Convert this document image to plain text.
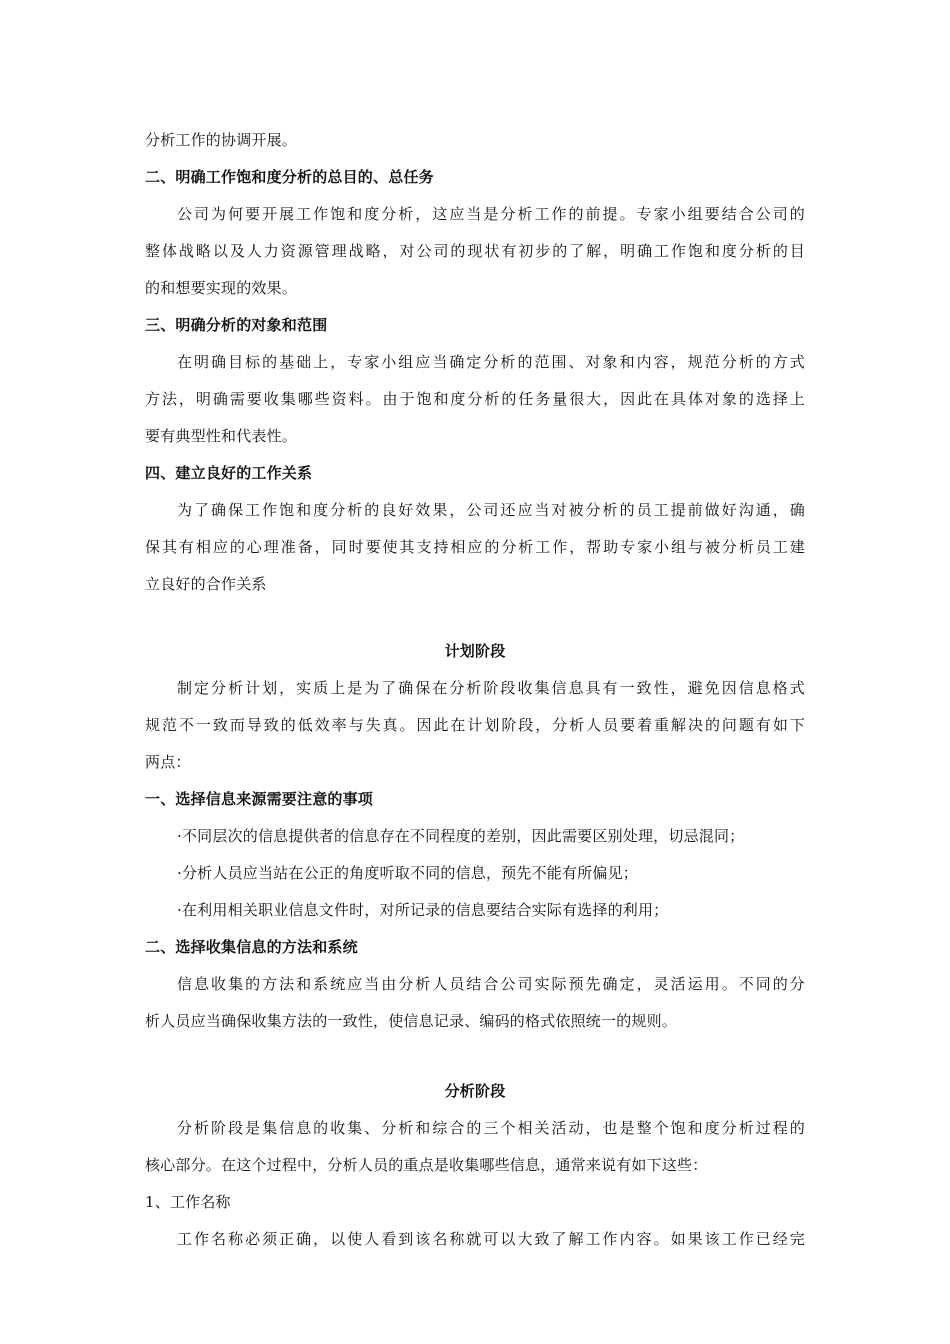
分析工作的协调开展。
二、明确工作饱和度分析的总目的、总任务
公司为何要开展工作饱和度分析，这应当是分析工作的前提。专家小组要结合公司的
整体战略以及人力资源管理战略，对公司的现状有初步的了解，明确工作饱和度分析的目
的和想要实现的效果。
三、明确分析的对象和范围
在明确目标的基础上，专家小组应当确定分析的范围、对象和内容，规范分析的方式
方法，明确需要收集哪些资料。由于饱和度分析的任务量很大，因此在具体对象的选择上
要有典型性和代表性。
四、建立良好的工作关系
为了确保工作饱和度分析的良好效果，公司还应当对被分析的员工提前做好沟通，确
保其有相应的心理准备，同时要使其支持相应的分析工作，帮助专家小组与被分析员工建
立良好的合作关系
计划阶段
制定分析计划，实质上是为了确保在分析阶段收集信息具有一致性，避免因信息格式
规范不一致而导致的低效率与失真。因此在计划阶段，分析人员要着重解决的问题有如下
两点：
一、选择信息来源需要注意的事项
·不同层次的信息提供者的信息存在不同程度的差别，因此需要区别处理，切忌混同；
·分析人员应当站在公正的角度听取不同的信息，预先不能有所偏见；
·在利用相关职业信息文件时，对所记录的信息要结合实际有选择的利用；
二、选择收集信息的方法和系统
信息收集的方法和系统应当由分析人员结合公司实际预先确定，灵活运用。不同的分
析人员应当确保收集方法的一致性，使信息记录、编码的格式依照统一的规则。
分析阶段
分析阶段是集信息的收集、分析和综合的三个相关活动，也是整个饱和度分析过程的
核心部分。在这个过程中，分析人员的重点是收集哪些信息，通常来说有如下这些：
1、工作名称
工作名称必须正确，以使人看到该名称就可以大致了解工作内容。如果该工作已经完
